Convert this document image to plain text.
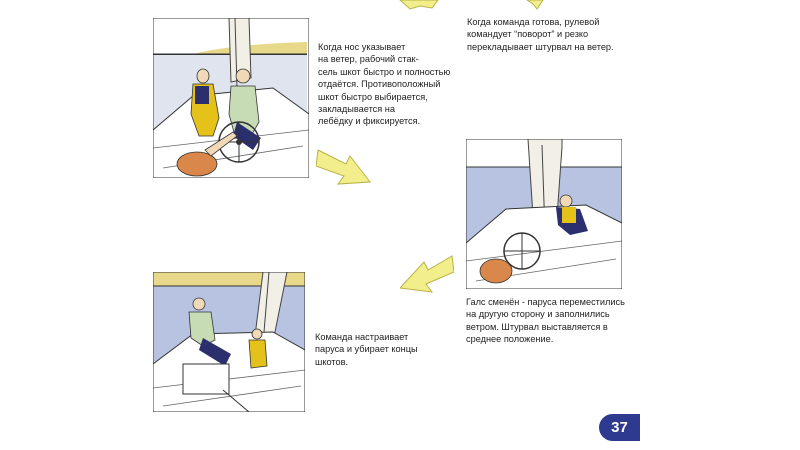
Когда команда готова, рулевой
командует “поворот” и резко
перекладывает штурвал на ветер.

Когда нос указывает
на ветер, рабочий стак-
сель шкот быстро и полностью
отдаётся. Противоположный
шкот быстро выбирается,
закладывается на
лебёдку и фиксируется.

Галс сменён - паруса переместились
на другую сторону и заполнились
ветром. Штурвал выставляется в
среднее положение.

Команда настраивает
паруса и убирает концы
шкотов.

37
